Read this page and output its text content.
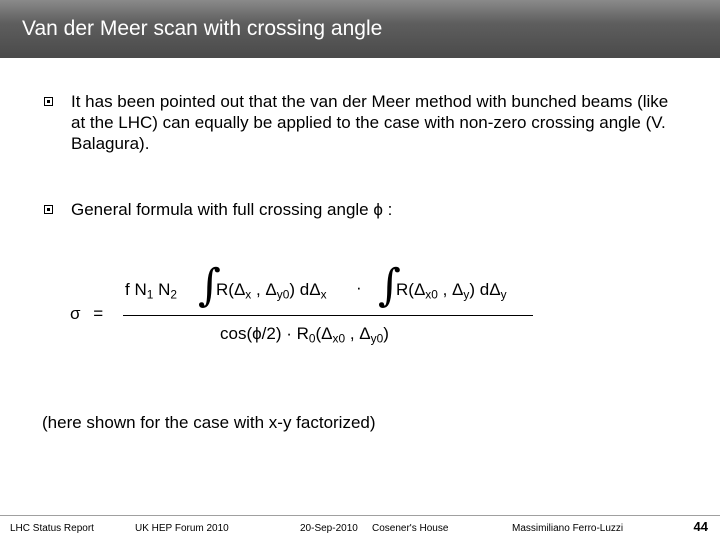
Van der Meer scan with crossing angle
It has been pointed out that the van der Meer method with bunched beams (like at the LHC) can equally be applied to the case with non-zero crossing angle (V. Balagura).
General formula with full crossing angle ϕ :
f $N_1$ $N_2$ ∫
$R(\Delta_x$ , $\Delta_{y0}$) $d\Delta_x$ · ∫
$R(\Delta_{x0}$ , $\Delta_y$) $d\Delta_y$
σ =
$\cos(\phi/2) \cdot R_0(\Delta_{x0}$ , $\Delta_{y0}$)
(here shown for the case with x-y factorized)
LHC Status Report	UK HEP Forum 2010	20-Sep-2010 Cosener's House	Massimiliano Ferro-Luzzi	44
